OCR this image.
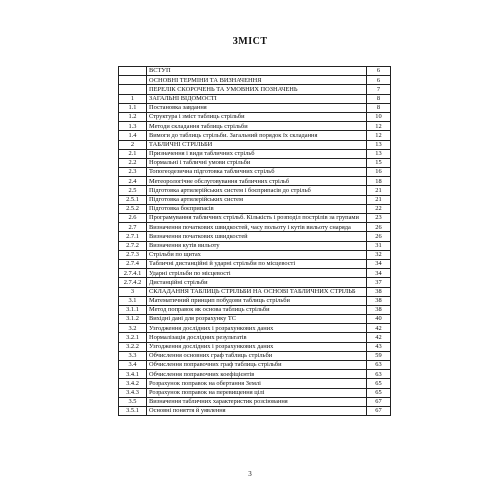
ЗМІСТ
	ВСТУП	6
	ОСНОВНІ ТЕРМІНИ ТА ВИЗНАЧЕННЯ	6
	ПЕРЕЛІК СКОРОЧЕНЬ ТА УМОВНИХ ПОЗНАЧЕНЬ	7
1	ЗАГАЛЬНІ ВІДОМОСТІ	8
1.1	Постановка завдання	8
1.2	Структура і зміст таблиць стрільби	10
1.3	Методи складання таблиць стрільби	12
1.4	Вимоги до таблиць стрільби. Загальний порядок їх складання	12
2	ТАБЛИЧНІ СТРІЛЬБИ	13
2.1	Призначення і види табличних стрільб	13
2.2	Нормальні і табличні умови стрільби	15
2.3	Топогеодезична підготовка табличних стрільб	16
2.4	Метеорологічне обслуговування табличних стрільб	18
2.5	Підготовка артилерійських систем і боєприпасів до стрільб	21
2.5.1	Підготовка артилерійських систем	21
2.5.2	Підготовка боєприпасів	22
2.6	Програмування табличних стрільб. Кількість і розподіл пострілів за групами	23
2.7	Визначення початкових швидкостей, часу польоту і кутів вильоту снаряда	26
2.7.1	Визначення початкових швидкостей	26
2.7.2	Визначення кутів вильоту	31
2.7.3	Стрільби по щитах	32
2.7.4	Табличні дистанційні й ударні стрільби по місцевості	34
2.7.4.1	Ударні стрільби по місцевості	34
2.7.4.2	Дистанційні стрільби	37
3	СКЛАДАННЯ ТАБЛИЦЬ СТРІЛЬБИ НА ОСНОВІ ТАБЛИЧНИХ СТРІЛЬБ	38
3.1	Математичний принцип побудови таблиць стрільби	38
3.1.1	Метод поправок як основа таблиць стрільби	38
3.1.2	Вихідні дані для розрахунку ТС	40
3.2	Узгодження дослідних і розрахункових даних	42
3.2.1	Нормалізація дослідних результатів	42
3.2.2	Узгодження дослідних і розрахункових даних	43
3.3	Обчислення основних граф таблиць стрільби	59
3.4	Обчислення поправочних граф таблиць стрільби	63
3.4.1	Обчислення поправочних коефіцієнтів	63
3.4.2	Розрахунок поправок на обертання Землі	65
3.4.3	Розрахунок поправок на перевищення цілі	65
3.5	Визначення табличних характеристик розсіювання	67
3.5.1	Основні поняття й уявлення	67
3
